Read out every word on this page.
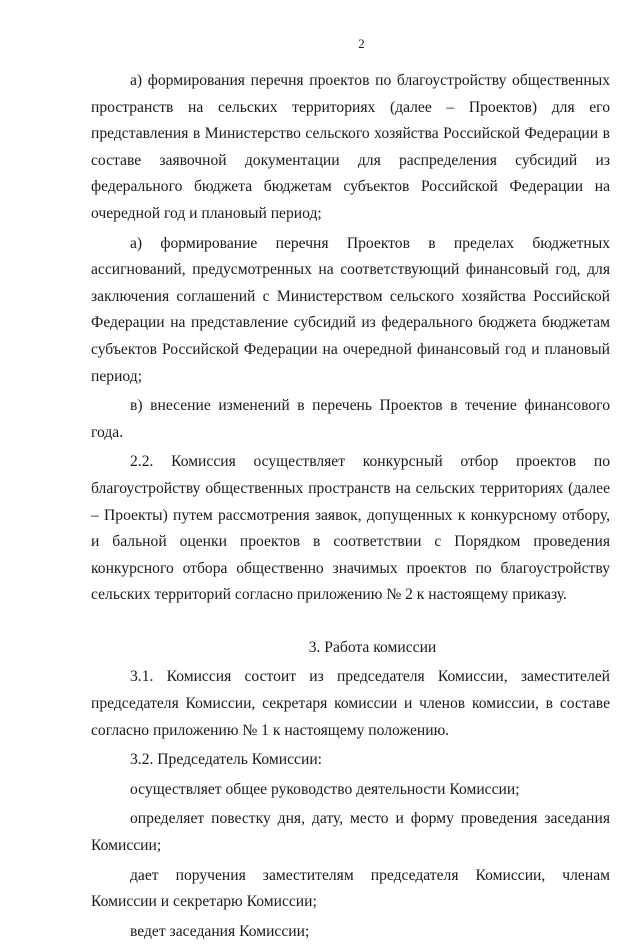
2

а) формирования перечня проектов по благоустройству общественных пространств на сельских территориях (далее – Проектов) для его представления в Министерство сельского хозяйства Российской Федерации в составе заявочной документации для распределения субсидий из федерального бюджета бюджетам субъектов Российской Федерации на очередной год и плановый период;

а) формирование перечня Проектов в пределах бюджетных ассигнований, предусмотренных на соответствующий финансовый год, для заключения соглашений с Министерством сельского хозяйства Российской Федерации на представление субсидий из федерального бюджета бюджетам субъектов Российской Федерации на очередной финансовый год и плановый период;

в) внесение изменений в перечень Проектов в течение финансового года.

2.2. Комиссия осуществляет конкурсный отбор проектов по благоустройству общественных пространств на сельских территориях (далее – Проекты) путем рассмотрения заявок, допущенных к конкурсному отбору, и бальной оценки проектов в соответствии с Порядком проведения конкурсного отбора общественно значимых проектов по благоустройству сельских территорий согласно приложению № 2 к настоящему приказу.

3. Работа комиссии

3.1. Комиссия состоит из председателя Комиссии, заместителей председателя Комиссии, секретаря комиссии и членов комиссии, в составе согласно приложению № 1 к настоящему положению.

3.2. Председатель Комиссии:

осуществляет общее руководство деятельности Комиссии;

определяет повестку дня, дату, место и форму проведения заседания Комиссии;

дает поручения заместителям председателя Комиссии, членам Комиссии и секретарю Комиссии;

ведет заседания Комиссии;
